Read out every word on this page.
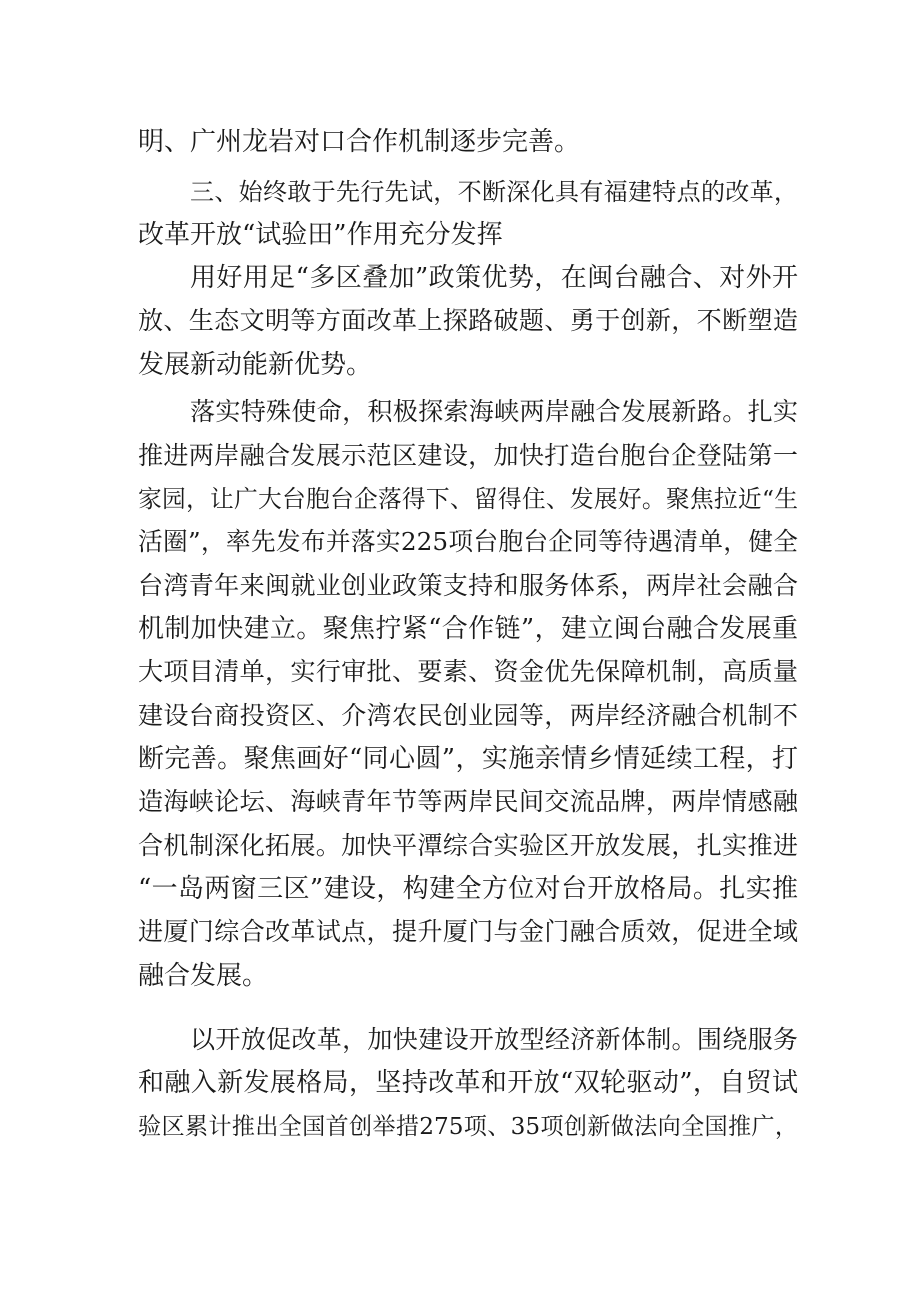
明、广州龙岩对口合作机制逐步完善。
三、始终敢于先行先试，不断深化具有福建特点的改革，
改革开放“试验田”作用充分发挥
用好用足“多区叠加”政策优势，在闽台融合、对外开
放、生态文明等方面改革上探路破题、勇于创新，不断塑造
发展新动能新优势。
落实特殊使命，积极探索海峡两岸融合发展新路。扎实
推进两岸融合发展示范区建设，加快打造台胞台企登陆第一
家园，让广大台胞台企落得下、留得住、发展好。聚焦拉近“生
活圈”，率先发布并落实225项台胞台企同等待遇清单，健全
台湾青年来闽就业创业政策支持和服务体系，两岸社会融合
机制加快建立。聚焦拧紧“合作链”，建立闽台融合发展重
大项目清单，实行审批、要素、资金优先保障机制，高质量
建设台商投资区、介湾农民创业园等，两岸经济融合机制不
断完善。聚焦画好“同心圆”，实施亲情乡情延续工程，打
造海峡论坛、海峡青年节等两岸民间交流品牌，两岸情感融
合机制深化拓展。加快平潭综合实验区开放发展，扎实推进
“一岛两窗三区”建设，构建全方位对台开放格局。扎实推
进厦门综合改革试点，提升厦门与金门融合质效，促进全域
融合发展。
以开放促改革，加快建设开放型经济新体制。围绕服务
和融入新发展格局，坚持改革和开放“双轮驱动”，自贸试
验区累计推出全国首创举措275项、35项创新做法向全国推广，
